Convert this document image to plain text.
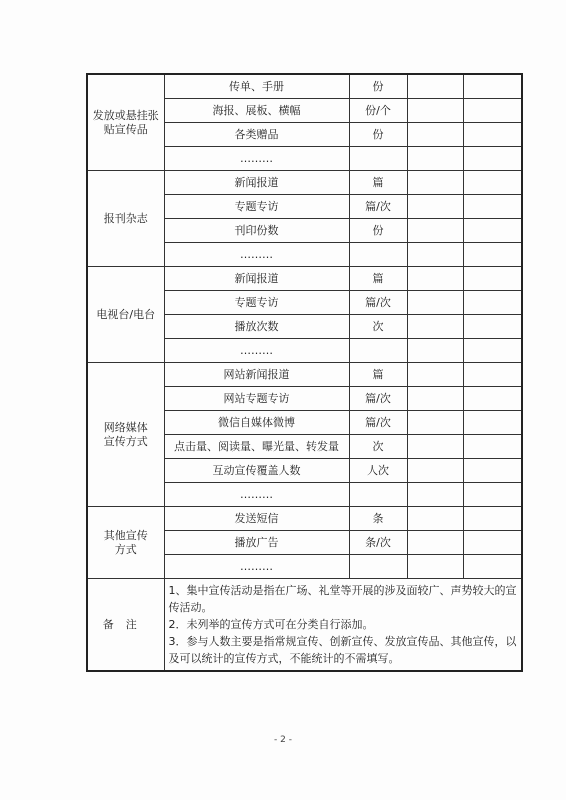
发放或悬挂张
贴宣传品	传单、手册	份		
	海报、展板、横幅	份/个		
	各类赠品	份		
	………			

报刊杂志	新闻报道	篇		
	专题专访	篇/次		
	刊印份数	份		
	………			

电视台/电台	新闻报道	篇		
	专题专访	篇/次		
	播放次数	次		
	………			

网络媒体
宣传方式	网站新闻报道	篇		
	网站专题专访	篇/次		
	微信自媒体微博	篇/次		
	点击量、阅读量、曝光量、转发量	次		
	互动宣传覆盖人数	人次		
	………			

其他宣传
方式	发送短信	条		
	播放广告	条/次		
	………			
备注	1、集中宣传活动是指在广场、礼堂等开展的涉及面较广、声势较大的宣传活动。
2．未列举的宣传方式可在分类自行添加。
3．参与人数主要是指常规宣传、创新宣传、发放宣传品、其他宣传，以及可以统计的宣传方式，不能统计的不需填写。			
- 2 -
